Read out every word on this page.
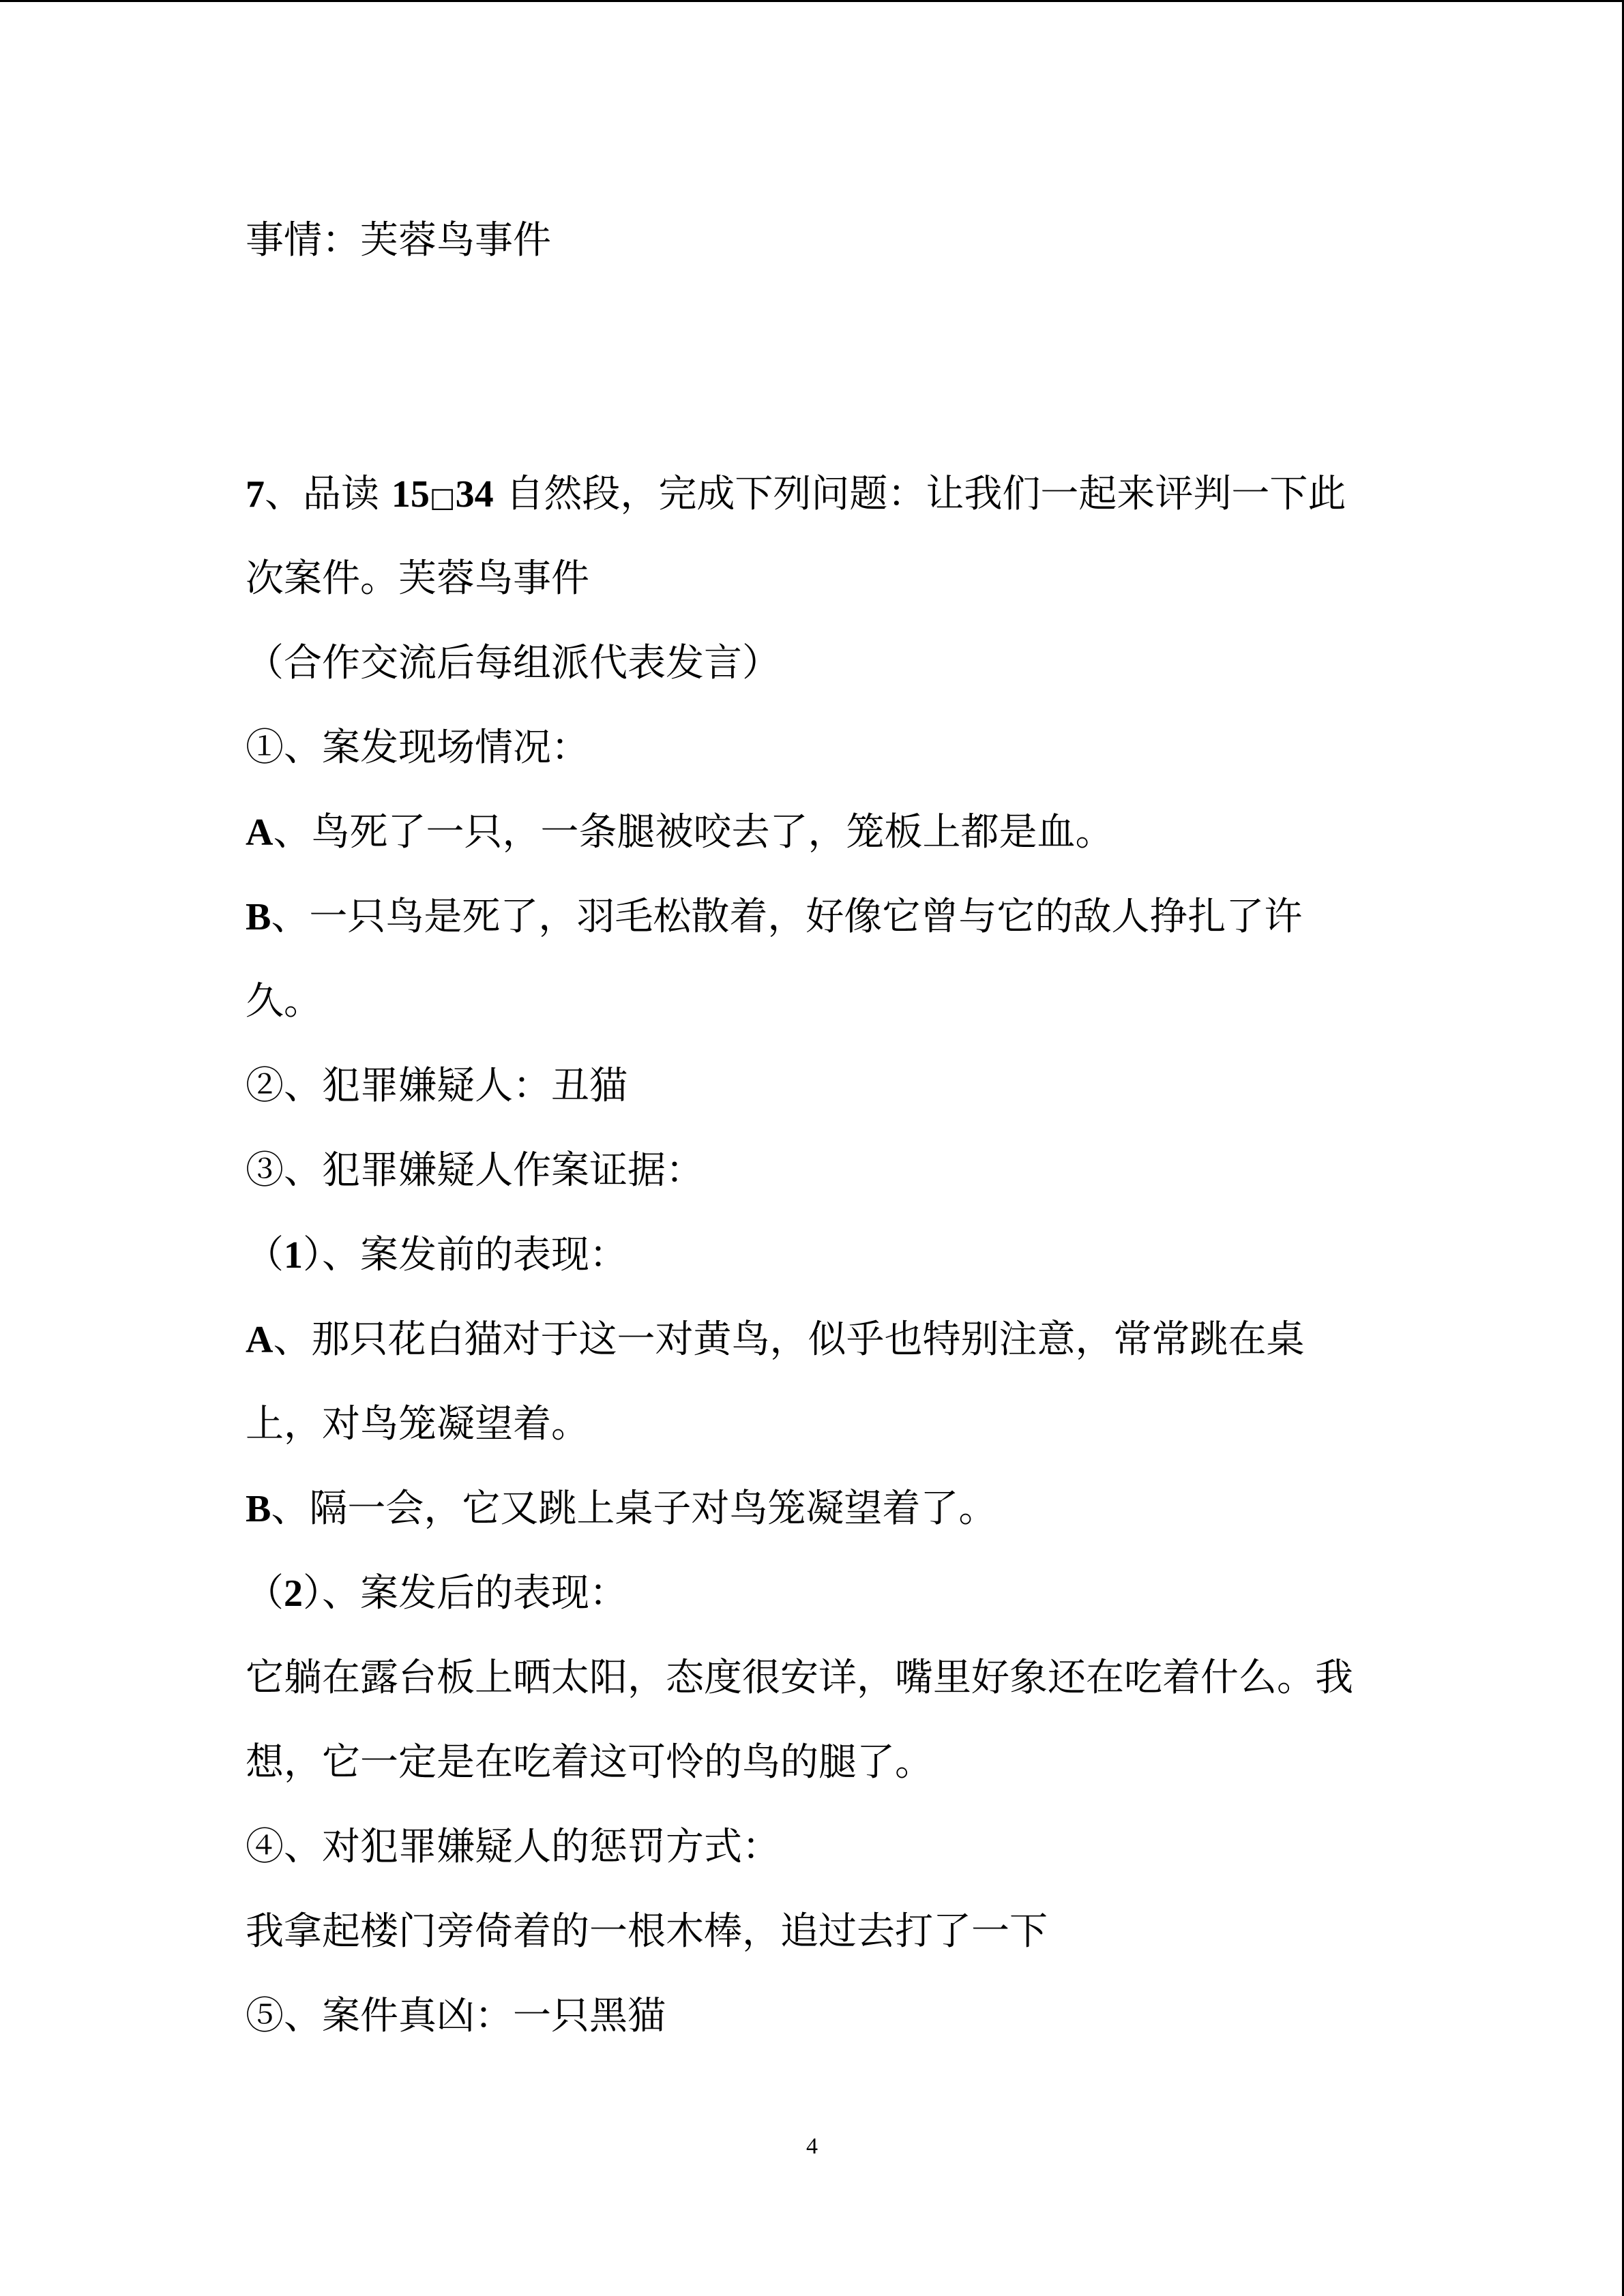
事情：芙蓉鸟事件
7、品读 15□34 自然段，完成下列问题：让我们一起来评判一下此
次案件。芙蓉鸟事件
（合作交流后每组派代表发言）
①、案发现场情况：
A、鸟死了一只，一条腿被咬去了，笼板上都是血。
B、一只鸟是死了，羽毛松散着，好像它曾与它的敌人挣扎了许
久。
②、犯罪嫌疑人：丑猫
③、犯罪嫌疑人作案证据：
（1）、案发前的表现：
A、那只花白猫对于这一对黄鸟，似乎也特别注意，常常跳在桌
上，对鸟笼凝望着。
B、隔一会，它又跳上桌子对鸟笼凝望着了。
（2）、案发后的表现：
它躺在露台板上晒太阳，态度很安详，嘴里好象还在吃着什么。我
想，它一定是在吃着这可怜的鸟的腿了。
④、对犯罪嫌疑人的惩罚方式：
我拿起楼门旁倚着的一根木棒，追过去打了一下
⑤、案件真凶：一只黑猫
4
